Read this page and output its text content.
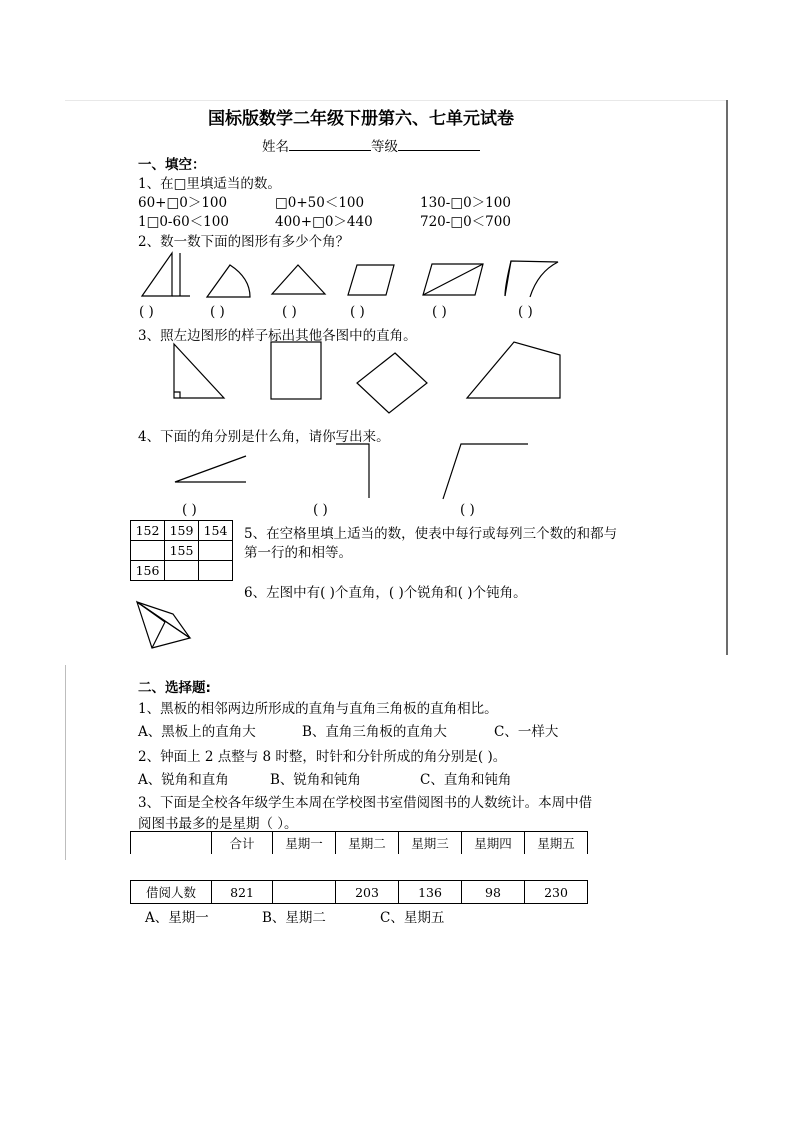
国标版数学二年级下册第六、七单元试卷
姓名	等级
一、填空：
1、在□里填适当的数。
60+□0＞100	□0+50＜100	130-□0＞100
1□0-60＜100	400+□0＞440	720-□0＜700
2、数一数下面的图形有多少个角？
( )	( )	( )	( )	( )	( )
3、照左边图形的样子标出其他各图中的直角。
4、下面的角分别是什么角，请你写出来。
( )	( )	( )
152	159	154
	155	
156		
5、在空格里填上适当的数，使表中每行或每列三个数的和都与
第一行的和相等。
6、左图中有( )个直角，( )个锐角和( )个钝角。
二、选择题:
1、黑板的相邻两边所形成的直角与直角三角板的直角相比。
A、黑板上的直角大	B、直角三角板的直角大	C、一样大
2、钟面上 2 点整与 8 时整，时针和分针所成的角分别是( )。
A、锐角和直角	B、锐角和钝角	C、直角和钝角
3、下面是全校各年级学生本周在学校图书室借阅图书的人数统计。本周中借
阅图书最多的是星期（ ）。
	合计	星期一	星期二	星期三	星期四	星期五
借阅人数	821		203	136	98	230
A、星期一	B、星期二	C、星期五
